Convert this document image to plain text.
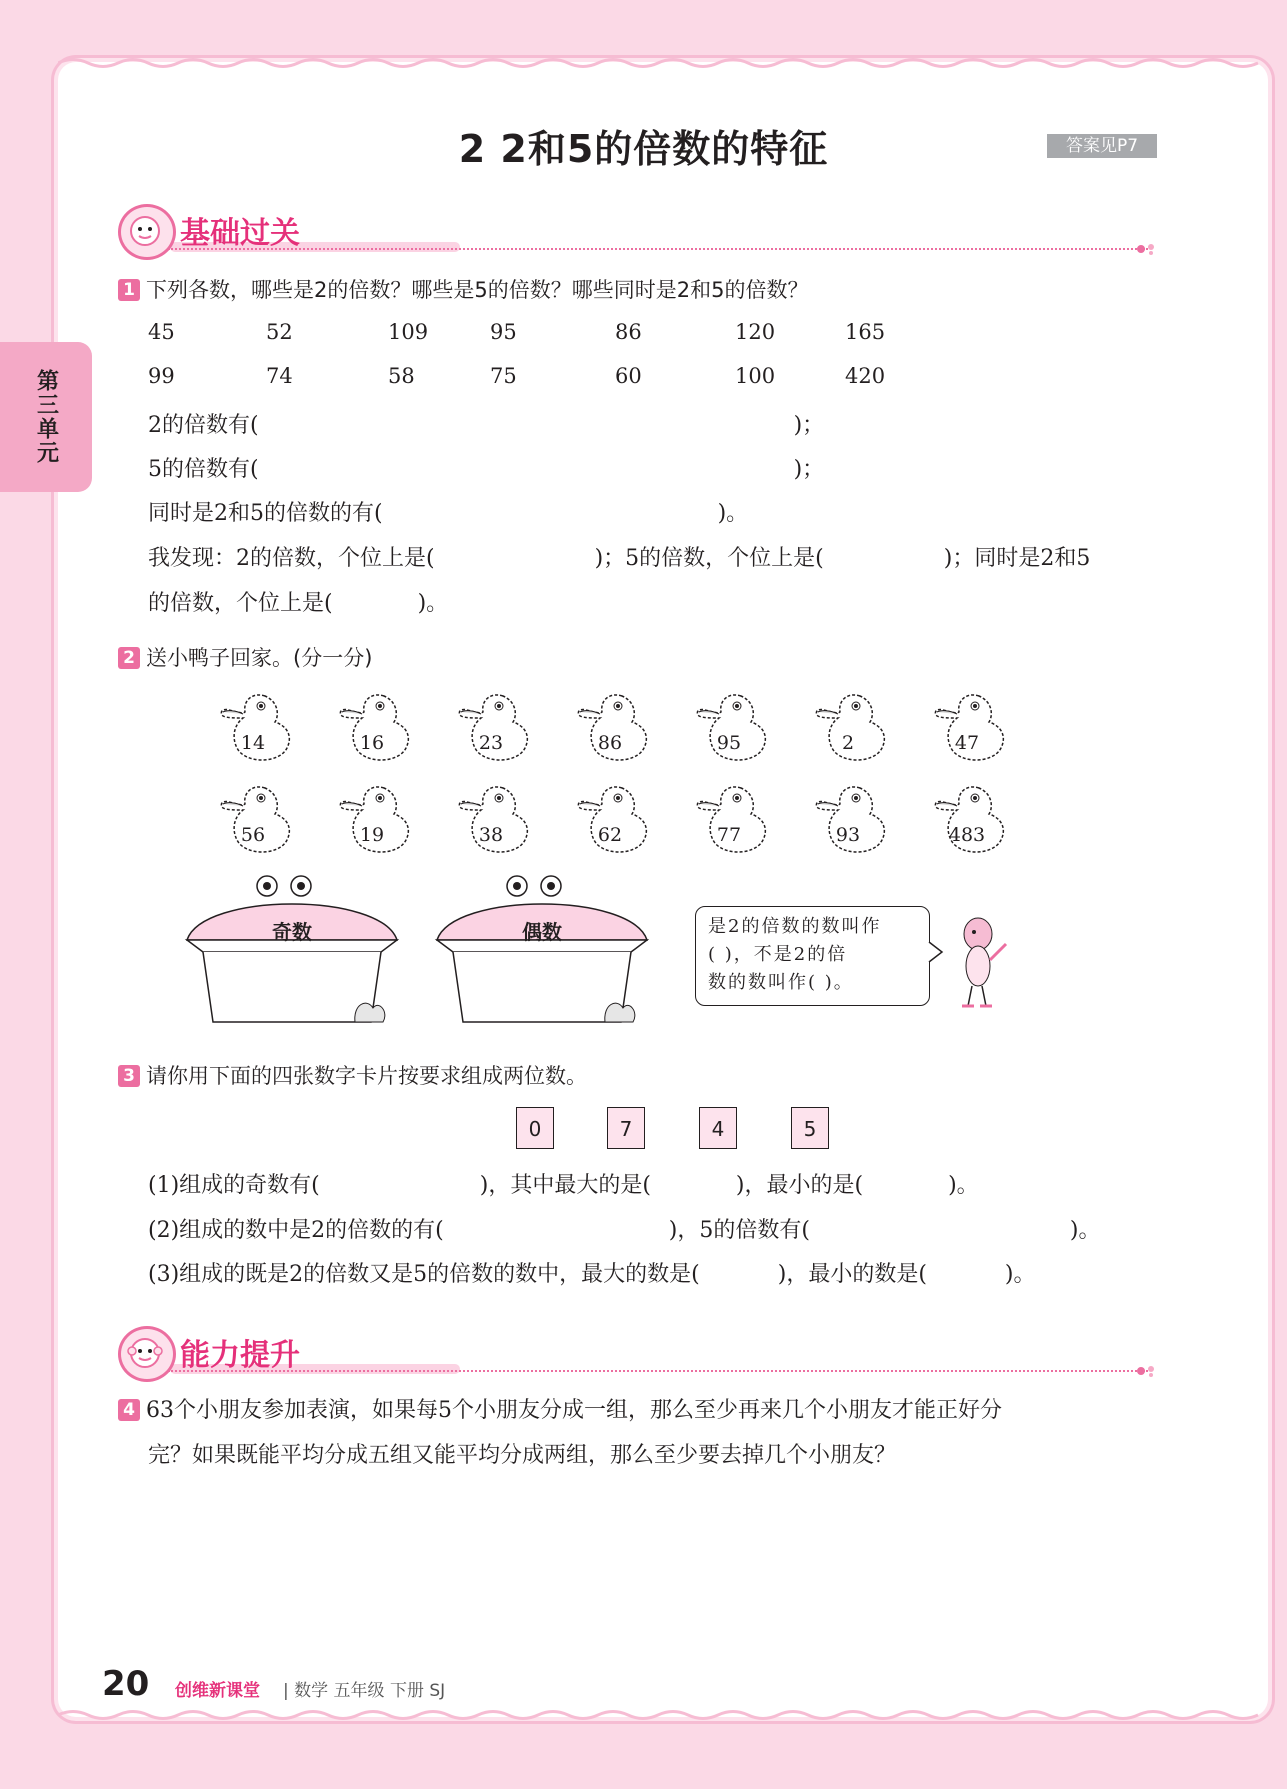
第三单元
2 2和5的倍数的特征	答案见P7
基础过关
1 下列各数，哪些是2的倍数？哪些是5的倍数？哪些同时是2和5的倍数？
45	52	109	95	86	120	165
99	74	58	75	60	100	420
2的倍数有(	)；
5的倍数有(	)；
同时是2和5的倍数的有(	)。
我发现：2的倍数，个位上是(	)；5的倍数，个位上是(	)；同时是2和5
的倍数，个位上是(	)。
2 送小鸭子回家。(分一分)
14	16	23	86	95	2	47
56	19	38	62	77	93	483
奇数	偶数	是2的倍数的数叫作
( )，不是2的倍
数的数叫作( )。
3 请你用下面的四张数字卡片按要求组成两位数。
0	7	4	5
(1)组成的奇数有(	)，其中最大的是(	)，最小的是(	)。
(2)组成的数中是2的倍数的有(	)，5的倍数有(	)。
(3)组成的既是2的倍数又是5的倍数的数中，最大的数是(	)，最小的数是(	)。
能力提升
4 63个小朋友参加表演，如果每5个小朋友分成一组，那么至少再来几个小朋友才能正好分
完？如果既能平均分成五组又能平均分成两组，那么至少要去掉几个小朋友？
20 创维新课堂 | 数学 五年级 下册 SJ
